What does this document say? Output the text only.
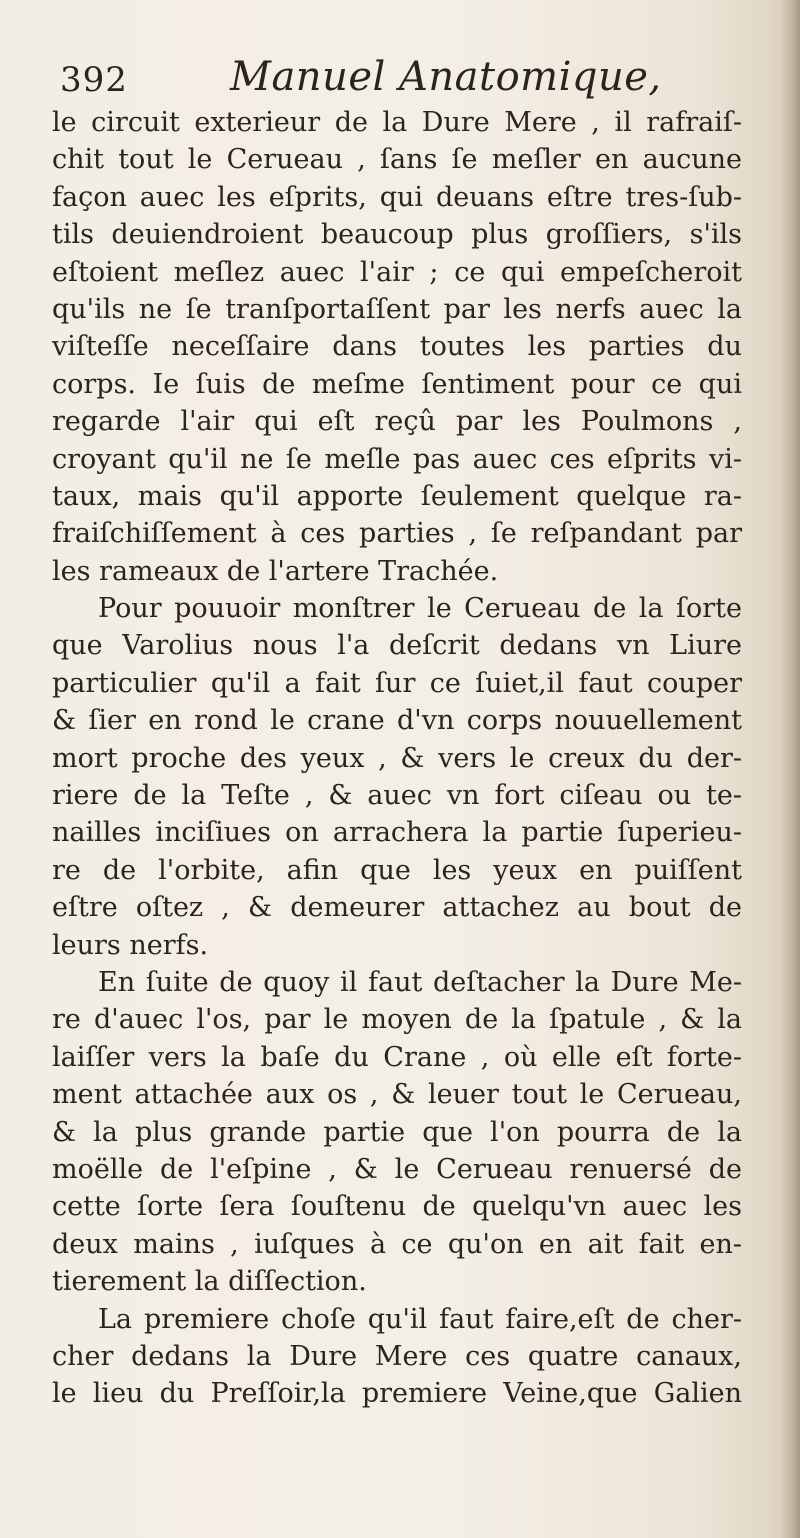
392	Manuel Anatomique,
le circuit exterieur de la Dure Mere , il rafraiſ-
chit tout le Cerueau , ſans ſe meſler en aucune
façon auec les eſprits, qui deuans eſtre tres-ſub-
tils deuiendroient beaucoup plus groſſiers, s'ils
eſtoient meſlez auec l'air ; ce qui empeſcheroit
qu'ils ne ſe tranſportaſſent par les nerfs auec la
viſteſſe neceſſaire dans toutes les parties du
corps. Ie ſuis de meſme ſentiment pour ce qui
regarde l'air qui eſt reçû par les Poulmons ,
croyant qu'il ne ſe meſle pas auec ces eſprits vi-
taux, mais qu'il apporte ſeulement quelque ra-
fraiſchiſſement à ces parties , ſe reſpandant par
les rameaux de l'artere Trachée.
Pour pouuoir monſtrer le Cerueau de la ſorte
que Varolius nous l'a deſcrit dedans vn Liure
particulier qu'il a fait ſur ce ſuiet,il faut couper
& ſier en rond le crane d'vn corps nouuellement
mort proche des yeux , & vers le creux du der-
riere de la Teſte , & auec vn fort ciſeau ou te-
nailles inciſiues on arrachera la partie ſuperieu-
re de l'orbite, afin que les yeux en puiſſent
eſtre oſtez , & demeurer attachez au bout de
leurs nerfs.
En ſuite de quoy il faut deſtacher la Dure Me-
re d'auec l'os, par le moyen de la ſpatule , & la
laiſſer vers la baſe du Crane , où elle eſt forte-
ment attachée aux os , & leuer tout le Cerueau,
& la plus grande partie que l'on pourra de la
moëlle de l'eſpine , & le Cerueau renuersé de
cette ſorte ſera ſouſtenu de quelqu'vn auec les
deux mains , iuſques à ce qu'on en ait fait en-
tierement la diſſection.
La premiere choſe qu'il faut faire,eſt de cher-
cher dedans la Dure Mere ces quatre canaux,
le lieu du Preſſoir,la premiere Veine,que Galien
